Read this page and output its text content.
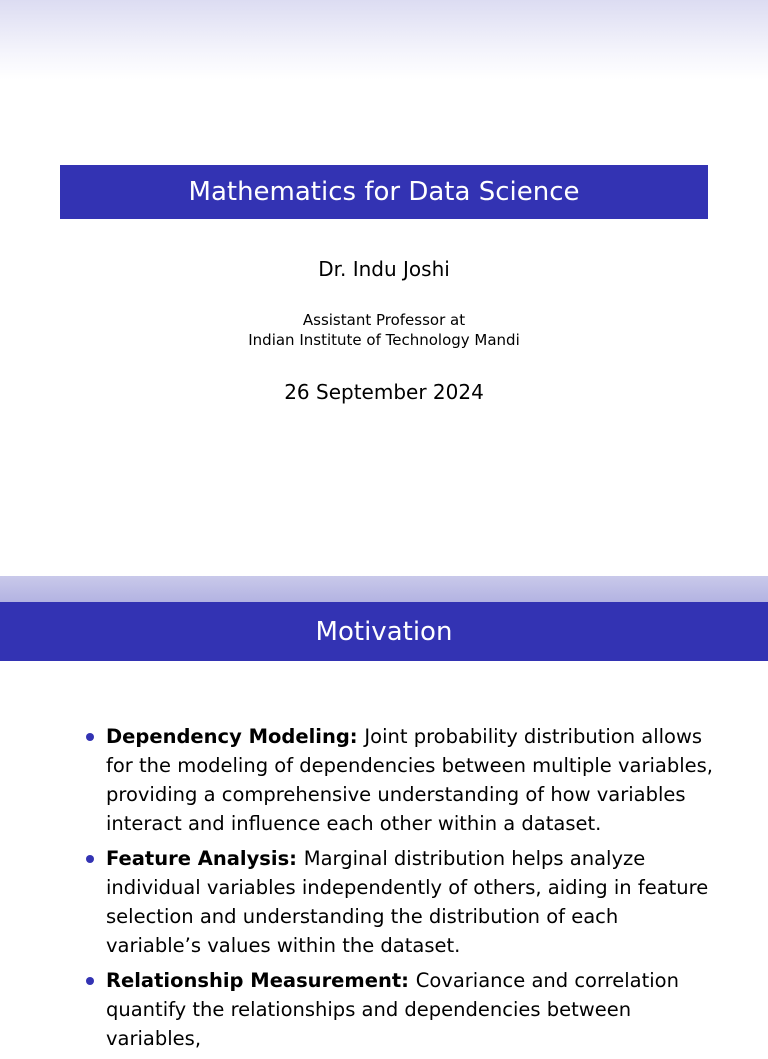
Mathematics for Data Science
Dr. Indu Joshi
Assistant Professor at
Indian Institute of Technology Mandi
26 September 2024
Motivation
Dependency Modeling: Joint probability distribution allows for the modeling of dependencies between multiple variables, providing a comprehensive understanding of how variables interact and influence each other within a dataset.
Feature Analysis: Marginal distribution helps analyze individual variables independently of others, aiding in feature selection and understanding the distribution of each variable’s values within the dataset.
Relationship Measurement: Covariance and correlation quantify the relationships and dependencies between variables,
